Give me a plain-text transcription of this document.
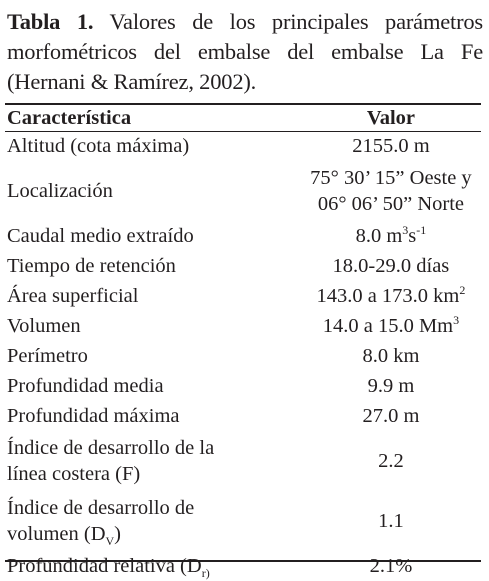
Tabla 1. Valores de los principales parámetros morfométricos del embalse del embalse La Fe (Hernani & Ramírez, 2002).
Característica	Valor
Altitud (cota máxima)	2155.0 m
Localización	75° 30’ 15” Oeste y
06° 06’ 50” Norte

Caudal medio extraído	8.0 $m^3s^{-1}$
Tiempo de retención	18.0-29.0 días
Área superficial	143.0 a 173.0 $km^2$
Volumen	14.0 a 15.0 Mm$^3$
Perímetro	8.0 km
Profundidad media	9.9 m
Profundidad máxima	27.0 m

Índice de desarrollo de la
línea costera (F)	2.2

Índice de desarrollo de
volumen $(D_V)$	1.1
Profundidad relativa ($D_{r)}$	2.1%
